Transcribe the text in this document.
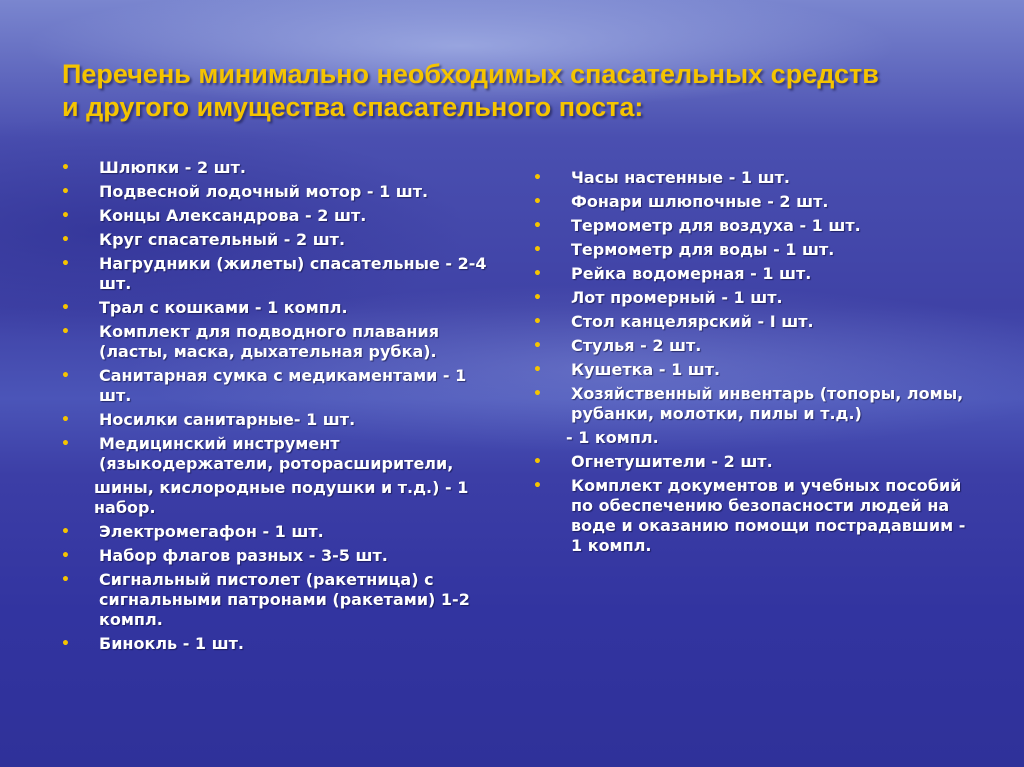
Перечень минимально необходимых спасательных средств
и другого имущества спасательного поста:
• Шлюпки - 2 шт.
• Подвесной лодочный мотор - 1 шт.
• Концы Александрова - 2 шт.
• Круг спасательный - 2 шт.
• Нагрудники (жилеты) спасательные - 2-4 шт.
• Трал с кошками - 1 компл.
• Комплект для подводного плавания (ласты, маска, дыхательная рубка).
• Санитарная сумка с медикаментами - 1 шт.
• Носилки санитарные- 1 шт.
• Медицинский инструмент (языкодержатели, роторасширители,
шины, кислородные подушки и т.д.) - 1 набор.
• Электромегафон - 1 шт.
• Набор флагов разных - 3-5 шт.
• Сигнальный пистолет (ракетница) с сигнальными патронами (ракетами) 1-2 компл.
• Бинокль - 1 шт.
• Часы настенные - 1 шт.
• Фонари шлюпочные - 2 шт.
• Термометр для воздуха - 1 шт.
• Термометр для воды - 1 шт.
• Рейка водомерная - 1 шт.
• Лот промерный - 1 шт.
• Стол канцелярский - I шт.
• Стулья - 2 шт.
• Кушетка - 1 шт.
• Хозяйственный инвентарь (топоры, ломы, рубанки, молотки, пилы и т.д.)
- 1 компл.
• Огнетушители - 2 шт.
• Комплект документов и учебных пособий по обеспечению безопасности людей на воде и оказанию помощи пострадавшим - 1 компл.
